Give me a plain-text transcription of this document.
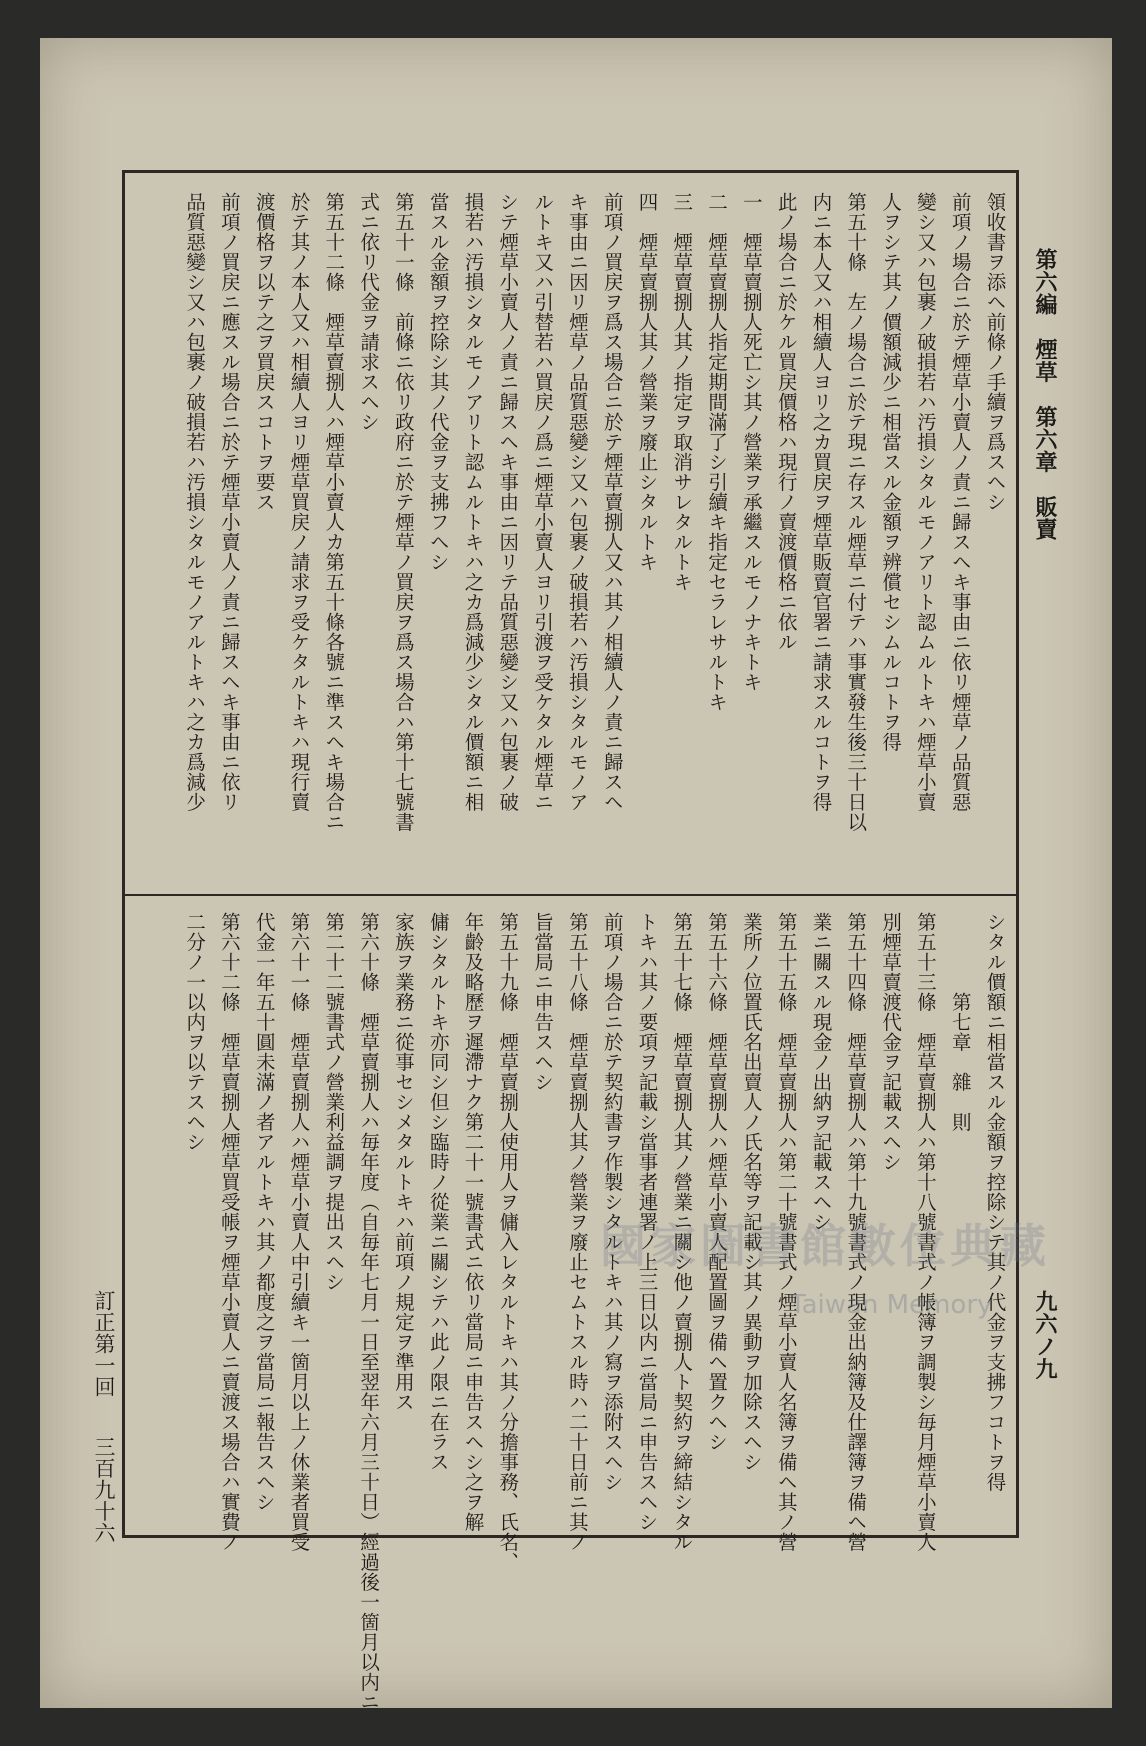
第六編　煙草　第六章　販賣
九六ノ九
領收書ヲ添ヘ前條ノ手續ヲ爲スヘシ
前項ノ場合ニ於テ煙草小賣人ノ責ニ歸スヘキ事由ニ依リ煙草ノ品質惡
變シ又ハ包裹ノ破損若ハ汚損シタルモノアリト認ムルトキハ煙草小賣
人ヲシテ其ノ價額減少ニ相當スル金額ヲ辨償セシムルコトヲ得
第五十條　左ノ場合ニ於テ現ニ存スル煙草ニ付テハ事實發生後三十日以
内ニ本人又ハ相續人ヨリ之カ買戻ヲ煙草販賣官署ニ請求スルコトヲ得
此ノ場合ニ於ケル買戻價格ハ現行ノ賣渡價格ニ依ル
一　煙草賣捌人死亡シ其ノ營業ヲ承繼スルモノナキトキ
二　煙草賣捌人指定期間滿了シ引續キ指定セラレサルトキ
三　煙草賣捌人其ノ指定ヲ取消サレタルトキ
四　煙草賣捌人其ノ營業ヲ廢止シタルトキ
前項ノ買戻ヲ爲ス場合ニ於テ煙草賣捌人又ハ其ノ相續人ノ責ニ歸スヘ
キ事由ニ因リ煙草ノ品質惡變シ又ハ包裹ノ破損若ハ汚損シタルモノア
ルトキ又ハ引替若ハ買戻ノ爲ニ煙草小賣人ヨリ引渡ヲ受ケタル煙草ニ
シテ煙草小賣人ノ責ニ歸スヘキ事由ニ因リテ品質惡變シ又ハ包裹ノ破
損若ハ汚損シタルモノアリト認ムルトキハ之カ爲減少シタル價額ニ相
當スル金額ヲ控除シ其ノ代金ヲ支拂フヘシ
第五十一條　前條ニ依リ政府ニ於テ煙草ノ買戻ヲ爲ス場合ハ第十七號書
式ニ依リ代金ヲ請求スヘシ
第五十二條　煙草賣捌人ハ煙草小賣人カ第五十條各號ニ準スヘキ場合ニ
於テ其ノ本人又ハ相續人ヨリ煙草買戻ノ請求ヲ受ケタルトキハ現行賣
渡價格ヲ以テ之ヲ買戻スコトヲ要ス
前項ノ買戻ニ應スル場合ニ於テ煙草小賣人ノ責ニ歸スヘキ事由ニ依リ
品質惡變シ又ハ包裹ノ破損若ハ汚損シタルモノアルトキハ之カ爲減少
シタル價額ニ相當スル金額ヲ控除シテ其ノ代金ヲ支拂フコトヲ得
　　　　第七章　雜　則
第五十三條　煙草賣捌人ハ第十八號書式ノ帳簿ヲ調製シ毎月煙草小賣人
別煙草賣渡代金ヲ記載スヘシ
第五十四條　煙草賣捌人ハ第十九號書式ノ現金出納簿及仕譯簿ヲ備ヘ營
業ニ關スル現金ノ出納ヲ記載スヘシ
第五十五條　煙草賣捌人ハ第二十號書式ノ煙草小賣人名簿ヲ備ヘ其ノ營
業所ノ位置氏名出賣人ノ氏名等ヲ記載シ其ノ異動ヲ加除スヘシ
第五十六條　煙草賣捌人ハ煙草小賣人配置圖ヲ備ヘ置クヘシ
第五十七條　煙草賣捌人其ノ營業ニ關シ他ノ賣捌人ト契約ヲ締結シタル
トキハ其ノ要項ヲ記載シ當事者連署ノ上三日以内ニ當局ニ申告スヘシ
前項ノ場合ニ於テ契約書ヲ作製シタルトキハ其ノ寫ヲ添附スヘシ
第五十八條　煙草賣捌人其ノ營業ヲ廢止セムトスル時ハ二十日前ニ其ノ
旨當局ニ申告スヘシ
第五十九條　煙草賣捌人使用人ヲ傭入レタルトキハ其ノ分擔事務、氏名、
年齡及略歷ヲ遲滯ナク第二十一號書式ニ依リ當局ニ申告スヘシ之ヲ解
傭シタルトキ亦同シ但シ臨時ノ從業ニ關シテハ此ノ限ニ在ラス
家族ヲ業務ニ從事セシメタルトキハ前項ノ規定ヲ準用ス
第六十條　煙草賣捌人ハ毎年度（自毎年七月一日至翌年六月三十日）經過後一箇月以内ニ
第二十二號書式ノ營業利益調ヲ提出スヘシ
第六十一條　煙草賣捌人ハ煙草小賣人中引續キ一箇月以上ノ休業者買受
代金一年五十圓未滿ノ者アルトキハ其ノ都度之ヲ當局ニ報告スヘシ
第六十二條　煙草賣捌人煙草買受帳ヲ煙草小賣人ニ賣渡ス場合ハ實費ノ
二分ノ一以内ヲ以テスヘシ
訂正第一回
三百九十六
國家圖書館數位典藏
Taiwan Memory
